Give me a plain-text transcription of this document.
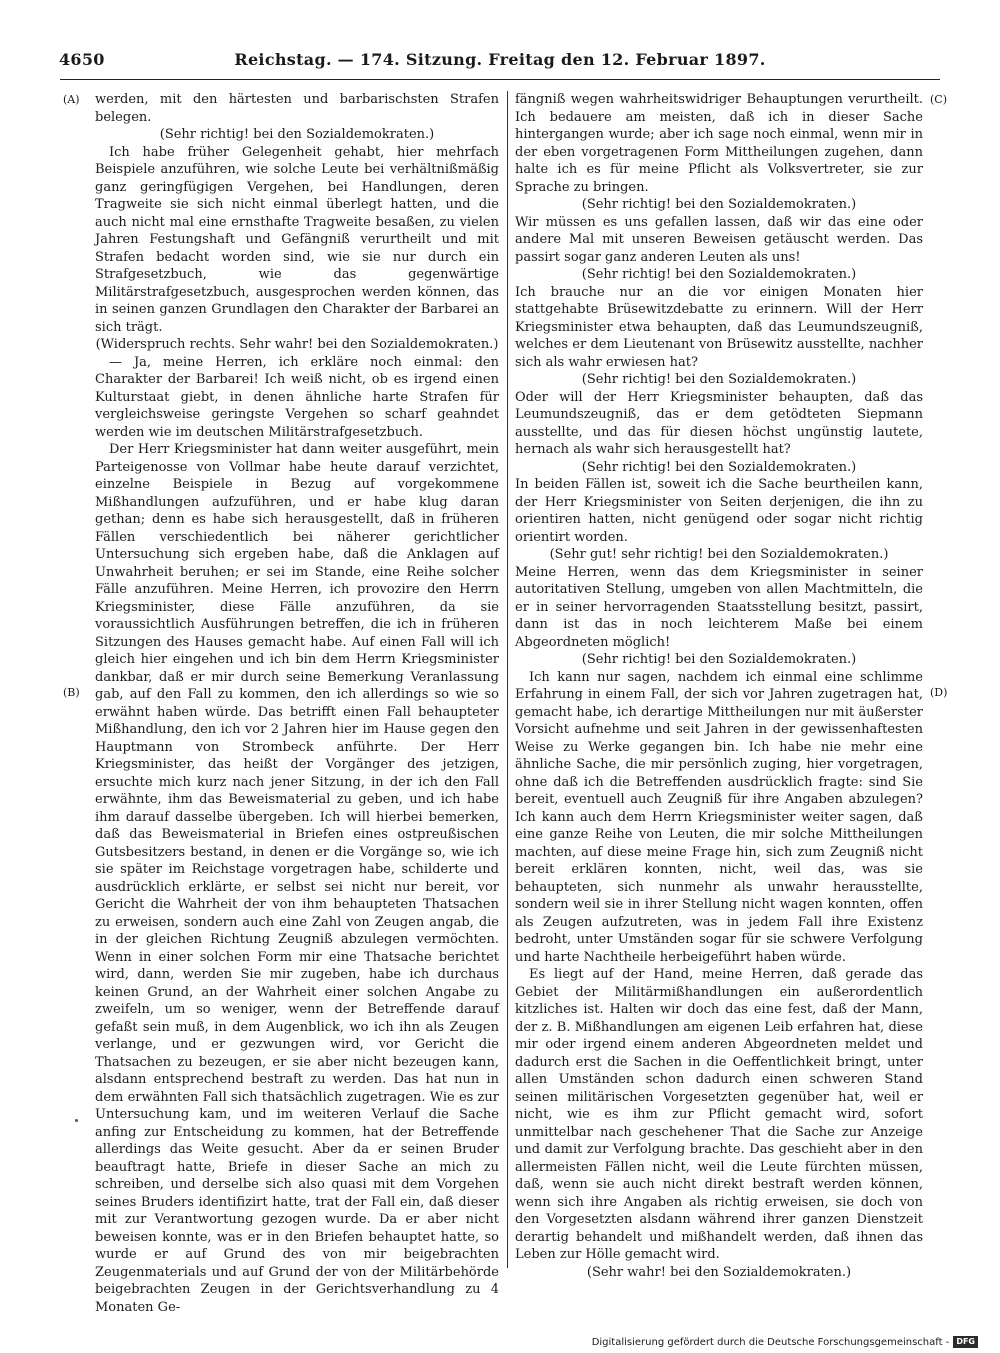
4650	Reichstag. — 174. Sitzung. Freitag den 12. Februar 1897.
(A)
(B)
(C)
(D)

werden, mit den härtesten und barbarischsten Strafen belegen.

(Sehr richtig! bei den Sozialdemokraten.)

Ich habe früher Gelegenheit gehabt, hier mehrfach Beispiele anzuführen, wie solche Leute bei verhältnißmäßig ganz geringfügigen Vergehen, bei Handlungen, deren Tragweite sie sich nicht einmal überlegt hatten, und die auch nicht mal eine ernsthafte Tragweite besaßen, zu vielen Jahren Festungshaft und Gefängniß verurtheilt und mit Strafen bedacht worden sind, wie sie nur durch ein Strafgesetzbuch, wie das gegenwärtige Militärstrafgesetzbuch, ausgesprochen werden können, das in seinen ganzen Grundlagen den Charakter der Barbarei an sich trägt.

(Widerspruch rechts. Sehr wahr! bei den Sozialdemokraten.)

— Ja, meine Herren, ich erkläre noch einmal: den Charakter der Barbarei! Ich weiß nicht, ob es irgend einen Kulturstaat giebt, in denen ähnliche harte Strafen für vergleichsweise geringste Vergehen so scharf geahndet werden wie im deutschen Militärstrafgesetzbuch.

Der Herr Kriegsminister hat dann weiter ausgeführt, mein Parteigenosse von Vollmar habe heute darauf verzichtet, einzelne Beispiele in Bezug auf vorgekommene Mißhandlungen aufzuführen, und er habe klug daran gethan; denn es habe sich herausgestellt, daß in früheren Fällen verschiedentlich bei näherer gerichtlicher Untersuchung sich ergeben habe, daß die Anklagen auf Unwahrheit beruhen; er sei im Stande, eine Reihe solcher Fälle anzuführen. Meine Herren, ich provozire den Herrn Kriegsminister, diese Fälle anzuführen, da sie voraussichtlich Ausführungen betreffen, die ich in früheren Sitzungen des Hauses gemacht habe. Auf einen Fall will ich gleich hier eingehen und ich bin dem Herrn Kriegsminister dankbar, daß er mir durch seine Bemerkung Veranlassung gab, auf den Fall zu kommen, den ich allerdings so wie so erwähnt haben würde. Das betrifft einen Fall behaupteter Mißhandlung, den ich vor 2 Jahren hier im Hause gegen den Hauptmann von Strombeck anführte. Der Herr Kriegsminister, das heißt der Vorgänger des jetzigen, ersuchte mich kurz nach jener Sitzung, in der ich den Fall erwähnte, ihm das Beweismaterial zu geben, und ich habe ihm darauf dasselbe übergeben. Ich will hierbei bemerken, daß das Beweismaterial in Briefen eines ostpreußischen Gutsbesitzers bestand, in denen er die Vorgänge so, wie ich sie später im Reichstage vorgetragen habe, schilderte und ausdrücklich erklärte, er selbst sei nicht nur bereit, vor Gericht die Wahrheit der von ihm behaupteten Thatsachen zu erweisen, sondern auch eine Zahl von Zeugen angab, die in der gleichen Richtung Zeugniß abzulegen vermöchten. Wenn in einer solchen Form mir eine Thatsache berichtet wird, dann, werden Sie mir zugeben, habe ich durchaus keinen Grund, an der Wahrheit einer solchen Angabe zu zweifeln, um so weniger, wenn der Betreffende darauf gefaßt sein muß, in dem Augenblick, wo ich ihn als Zeugen verlange, und er gezwungen wird, vor Gericht die Thatsachen zu bezeugen, er sie aber nicht bezeugen kann, alsdann entsprechend bestraft zu werden. Das hat nun in dem erwähnten Fall sich thatsächlich zugetragen. Wie es zur Untersuchung kam, und im weiteren Verlauf die Sache anfing zur Entscheidung zu kommen, hat der Betreffende allerdings das Weite gesucht. Aber da er seinen Bruder beauftragt hatte, Briefe in dieser Sache an mich zu schreiben, und derselbe sich also quasi mit dem Vorgehen seines Bruders identifizirt hatte, trat der Fall ein, daß dieser mit zur Verantwortung gezogen wurde. Da er aber nicht beweisen konnte, was er in den Briefen behauptet hatte, so wurde er auf Grund des von mir beigebrachten Zeugenmaterials und auf Grund der von der Militärbehörde beigebrachten Zeugen in der Gerichtsverhandlung zu 4 Monaten Ge-

fängniß wegen wahrheitswidriger Behauptungen verurtheilt. Ich bedauere am meisten, daß ich in dieser Sache hintergangen wurde; aber ich sage noch einmal, wenn mir in der eben vorgetragenen Form Mittheilungen zugehen, dann halte ich es für meine Pflicht als Volksvertreter, sie zur Sprache zu bringen.

(Sehr richtig! bei den Sozialdemokraten.)

Wir müssen es uns gefallen lassen, daß wir das eine oder andere Mal mit unseren Beweisen getäuscht werden. Das passirt sogar ganz anderen Leuten als uns!

(Sehr richtig! bei den Sozialdemokraten.)

Ich brauche nur an die vor einigen Monaten hier stattgehabte Brüsewitzdebatte zu erinnern. Will der Herr Kriegsminister etwa behaupten, daß das Leumundszeugniß, welches er dem Lieutenant von Brüsewitz ausstellte, nachher sich als wahr erwiesen hat?

(Sehr richtig! bei den Sozialdemokraten.)

Oder will der Herr Kriegsminister behaupten, daß das Leumundszeugniß, das er dem getödteten Siepmann ausstellte, und das für diesen höchst ungünstig lautete, hernach als wahr sich herausgestellt hat?

(Sehr richtig! bei den Sozialdemokraten.)

In beiden Fällen ist, soweit ich die Sache beurtheilen kann, der Herr Kriegsminister von Seiten derjenigen, die ihn zu orientiren hatten, nicht genügend oder sogar nicht richtig orientirt worden.

(Sehr gut! sehr richtig! bei den Sozialdemokraten.)

Meine Herren, wenn das dem Kriegsminister in seiner autoritativen Stellung, umgeben von allen Machtmitteln, die er in seiner hervorragenden Staatsstellung besitzt, passirt, dann ist das in noch leichterem Maße bei einem Abgeordneten möglich!

(Sehr richtig! bei den Sozialdemokraten.)

Ich kann nur sagen, nachdem ich einmal eine schlimme Erfahrung in einem Fall, der sich vor Jahren zugetragen hat, gemacht habe, ich derartige Mittheilungen nur mit äußerster Vorsicht aufnehme und seit Jahren in der gewissenhaftesten Weise zu Werke gegangen bin. Ich habe nie mehr eine ähnliche Sache, die mir persönlich zuging, hier vorgetragen, ohne daß ich die Betreffenden ausdrücklich fragte: sind Sie bereit, eventuell auch Zeugniß für ihre Angaben abzulegen? Ich kann auch dem Herrn Kriegsminister weiter sagen, daß eine ganze Reihe von Leuten, die mir solche Mittheilungen machten, auf diese meine Frage hin, sich zum Zeugniß nicht bereit erklären konnten, nicht, weil das, was sie behaupteten, sich nunmehr als unwahr herausstellte, sondern weil sie in ihrer Stellung nicht wagen konnten, offen als Zeugen aufzutreten, was in jedem Fall ihre Existenz bedroht, unter Umständen sogar für sie schwere Verfolgung und harte Nachtheile herbeigeführt haben würde.

Es liegt auf der Hand, meine Herren, daß gerade das Gebiet der Militärmißhandlungen ein außerordentlich kitzliches ist. Halten wir doch das eine fest, daß der Mann, der z. B. Mißhandlungen am eigenen Leib erfahren hat, diese mir oder irgend einem anderen Abgeordneten meldet und dadurch erst die Sachen in die Oeffentlichkeit bringt, unter allen Umständen schon dadurch einen schweren Stand seinen militärischen Vorgesetzten gegenüber hat, weil er nicht, wie es ihm zur Pflicht gemacht wird, sofort unmittelbar nach geschehener That die Sache zur Anzeige und damit zur Verfolgung brachte. Das geschieht aber in den allermeisten Fällen nicht, weil die Leute fürchten müssen, daß, wenn sie auch nicht direkt bestraft werden können, wenn sich ihre Angaben als richtig erweisen, sie doch von den Vorgesetzten alsdann während ihrer ganzen Dienstzeit derartig behandelt und mißhandelt werden, daß ihnen das Leben zur Hölle gemacht wird.

(Sehr wahr! bei den Sozialdemokraten.)

Digitalisierung gefördert durch die Deutsche Forschungsgemeinschaft - DFG
